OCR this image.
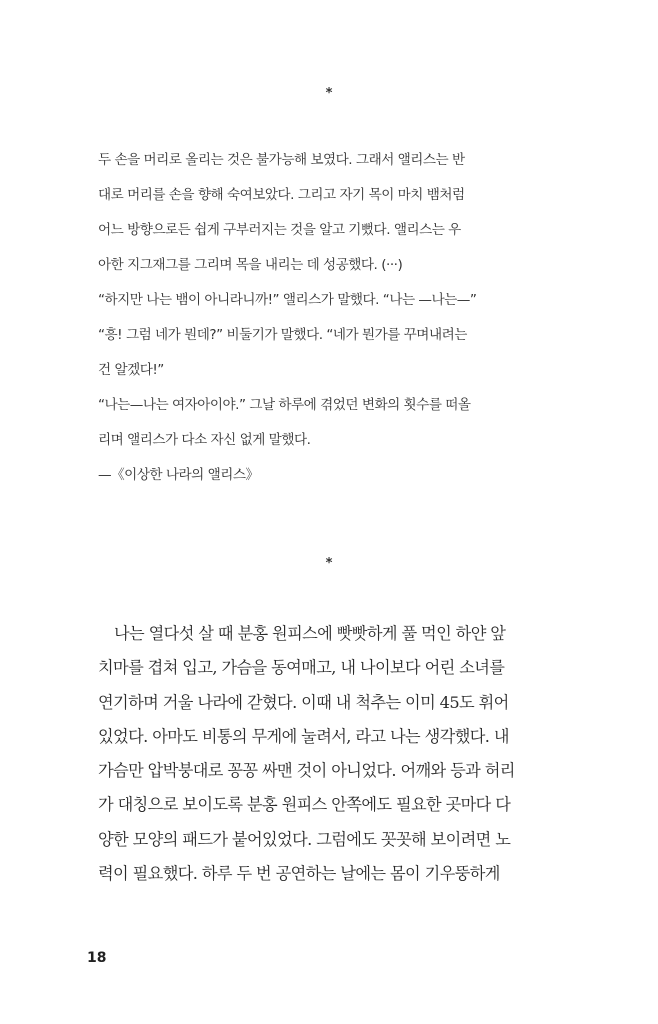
*
두 손을 머리로 올리는 것은 불가능해 보였다. 그래서 앨리스는 반
대로 머리를 손을 향해 숙여보았다. 그리고 자기 목이 마치 뱀처럼
어느 방향으로든 쉽게 구부러지는 것을 알고 기뻤다. 앨리스는 우
아한 지그재그를 그리며 목을 내리는 데 성공했다. (···)
“하지만 나는 뱀이 아니라니까!” 앨리스가 말했다. “나는 —나는—”
“흥! 그럼 네가 뭔데?” 비둘기가 말했다. “네가 뭔가를 꾸며내려는
건 알겠다!”
“나는—나는 여자아이야.” 그날 하루에 겪었던 변화의 횟수를 떠올
리며 앨리스가 다소 자신 없게 말했다.
—《이상한 나라의 앨리스》
*
나는 열다섯 살 때 분홍 원피스에 빳빳하게 풀 먹인 하얀 앞
치마를 겹쳐 입고, 가슴을 동여매고, 내 나이보다 어린 소녀를
연기하며 거울 나라에 갇혔다. 이때 내 척추는 이미 45도 휘어
있었다. 아마도 비통의 무게에 눌려서, 라고 나는 생각했다. 내
가슴만 압박붕대로 꽁꽁 싸맨 것이 아니었다. 어깨와 등과 허리
가 대칭으로 보이도록 분홍 원피스 안쪽에도 필요한 곳마다 다
양한 모양의 패드가 붙어있었다. 그럼에도 꼿꼿해 보이려면 노
력이 필요했다. 하루 두 번 공연하는 날에는 몸이 기우뚱하게
18
